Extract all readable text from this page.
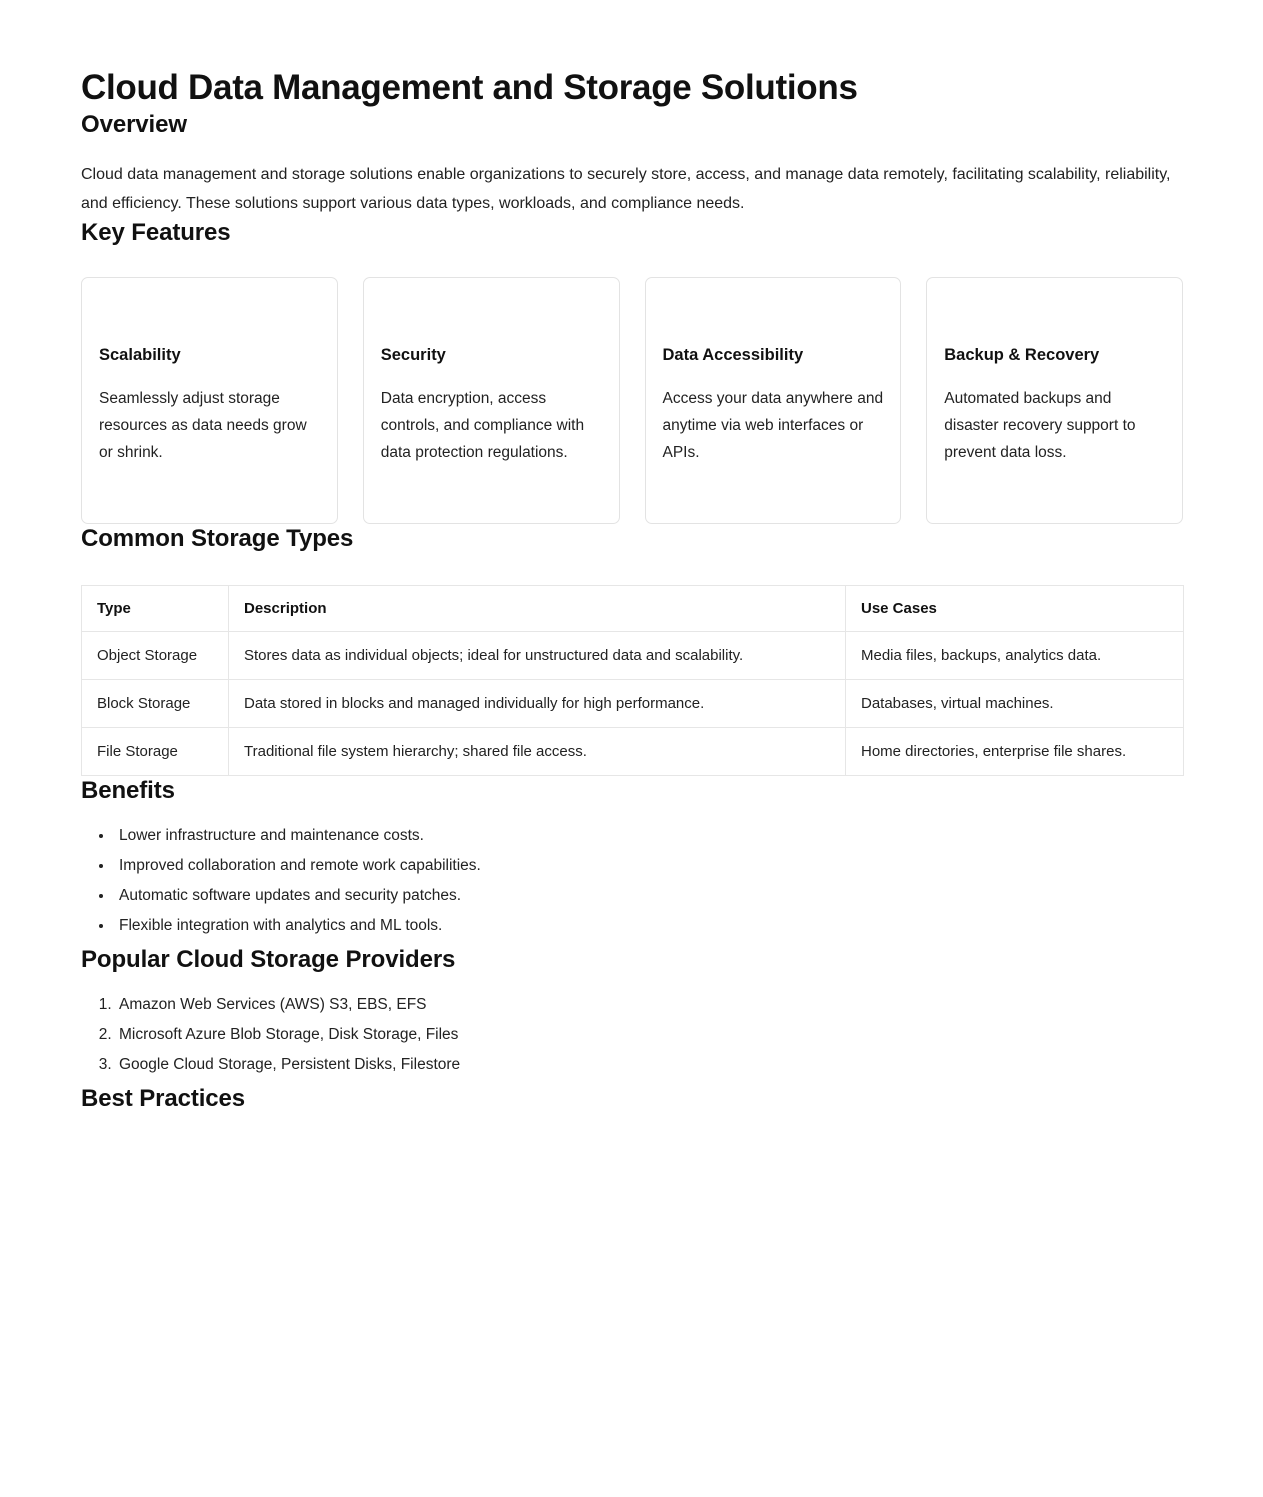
Cloud Data Management and Storage Solutions
Overview

Cloud data management and storage solutions enable organizations to securely store, access, and manage data remotely, facilitating scalability, reliability, and efficiency. These solutions support various data types, workloads, and compliance needs.

Key Features
Scalability
Seamlessly adjust storage resources as data needs grow or shrink.
Security
Data encryption, access controls, and compliance with data protection regulations.
Data Accessibility
Access your data anywhere and anytime via web interfaces or APIs.
Backup & Recovery
Automated backups and disaster recovery support to prevent data loss.
Common Storage Types
Type	Description	Use Cases
Object Storage	Stores data as individual objects; ideal for unstructured data and scalability.	Media files, backups, analytics data.
Block Storage	Data stored in blocks and managed individually for high performance.	Databases, virtual machines.
File Storage	Traditional file system hierarchy; shared file access.	Home directories, enterprise file shares.
Benefits
• Lower infrastructure and maintenance costs.
• Improved collaboration and remote work capabilities.
• Automatic software updates and security patches.
• Flexible integration with analytics and ML tools.
Popular Cloud Storage Providers
1. Amazon Web Services (AWS) S3, EBS, EFS
2. Microsoft Azure Blob Storage, Disk Storage, Files
3. Google Cloud Storage, Persistent Disks, Filestore
Best Practices
